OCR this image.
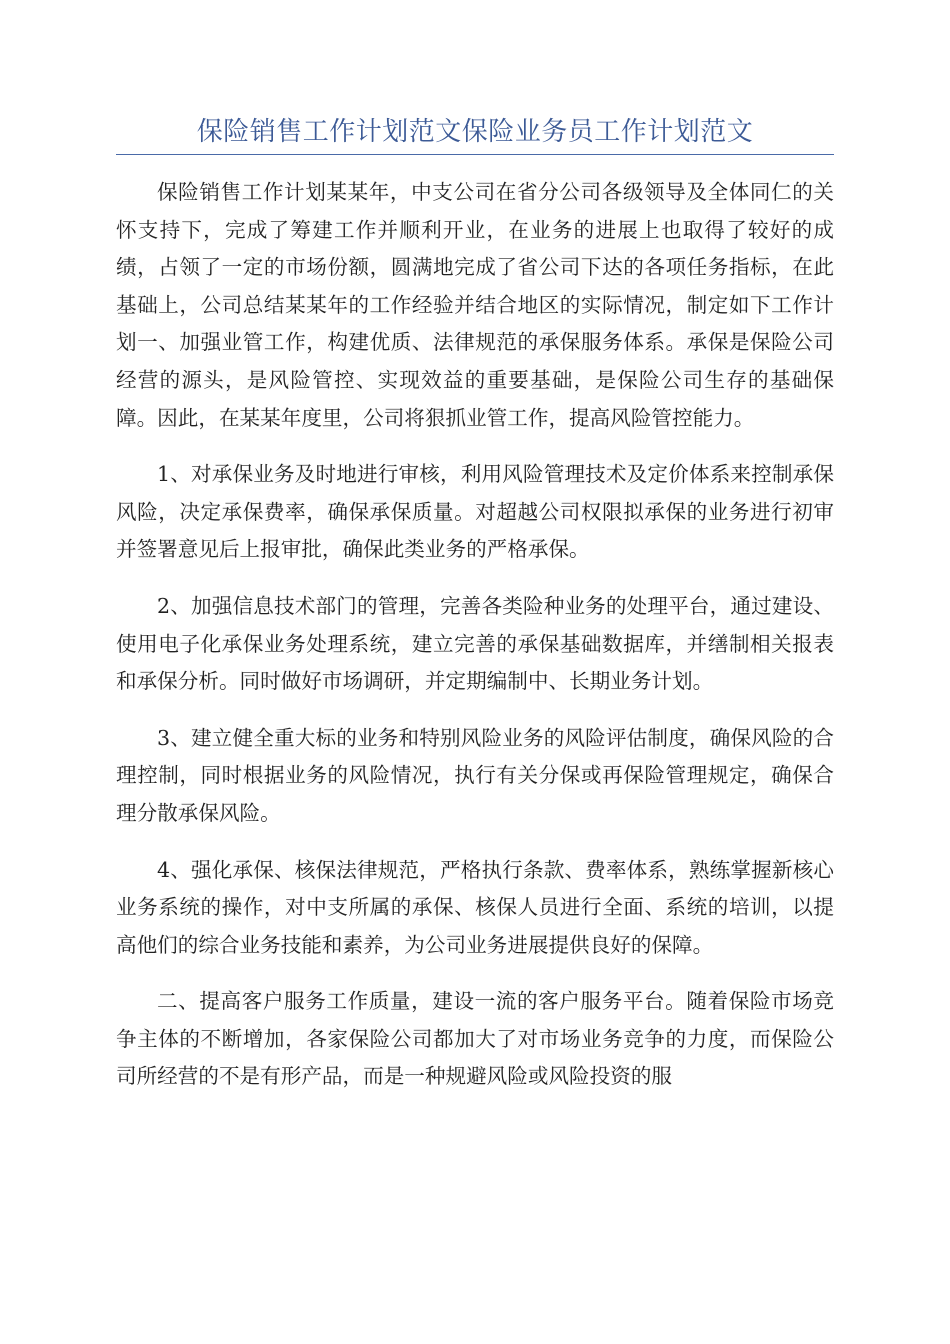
保险销售工作计划范文保险业务员工作计划范文

保险销售工作计划某某年，中支公司在省分公司各级领导及全体同仁的关怀支持下，完成了筹建工作并顺利开业，在业务的进展上也取得了较好的成绩，占领了一定的市场份额，圆满地完成了省公司下达的各项任务指标，在此基础上，公司总结某某年的工作经验并结合地区的实际情况，制定如下工作计划一、加强业管工作，构建优质、法律规范的承保服务体系。承保是保险公司经营的源头，是风险管控、实现效益的重要基础，是保险公司生存的基础保障。因此，在某某年度里，公司将狠抓业管工作，提高风险管控能力。

1、对承保业务及时地进行审核，利用风险管理技术及定价体系来控制承保风险，决定承保费率，确保承保质量。对超越公司权限拟承保的业务进行初审并签署意见后上报审批，确保此类业务的严格承保。

2、加强信息技术部门的管理，完善各类险种业务的处理平台，通过建设、使用电子化承保业务处理系统，建立完善的承保基础数据库，并缮制相关报表和承保分析。同时做好市场调研，并定期编制中、长期业务计划。

3、建立健全重大标的业务和特别风险业务的风险评估制度，确保风险的合理控制，同时根据业务的风险情况，执行有关分保或再保险管理规定，确保合理分散承保风险。

4、强化承保、核保法律规范，严格执行条款、费率体系，熟练掌握新核心业务系统的操作，对中支所属的承保、核保人员进行全面、系统的培训，以提高他们的综合业务技能和素养，为公司业务进展提供良好的保障。

二、提高客户服务工作质量，建设一流的客户服务平台。随着保险市场竞争主体的不断增加，各家保险公司都加大了对市场业务竞争的力度，而保险公司所经营的不是有形产品，而是一种规避风险或风险投资的服
